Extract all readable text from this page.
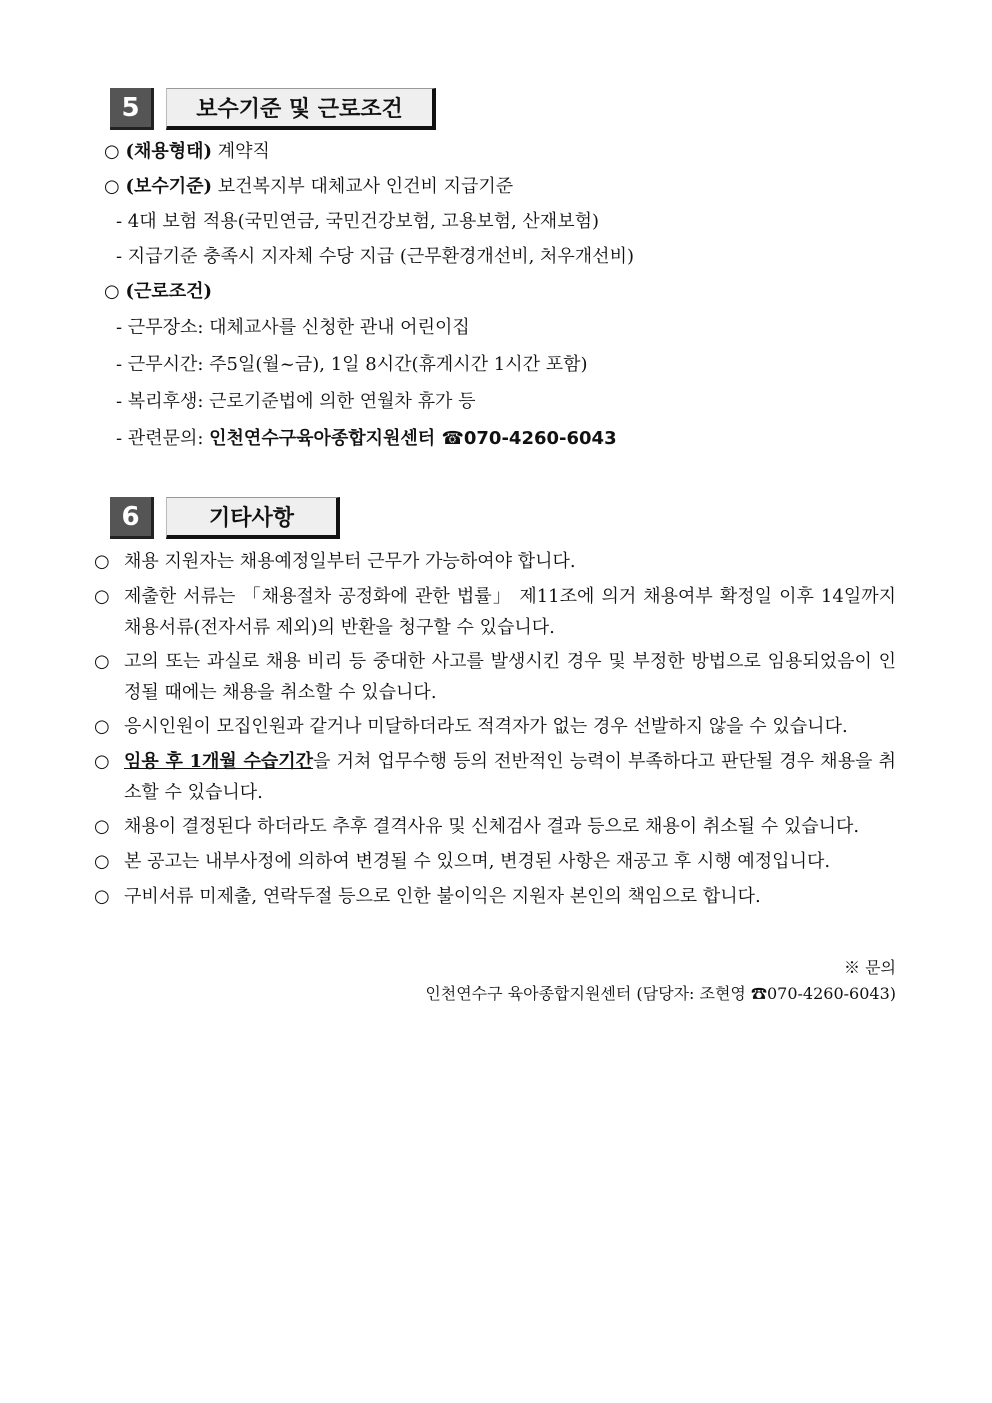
5	보수기준 및 근로조건
○ (채용형태) 계약직
○ (보수기준) 보건복지부 대체교사 인건비 지급기준
- 4대 보험 적용(국민연금, 국민건강보험, 고용보험, 산재보험)
- 지급기준 충족시 지자체 수당 지급 (근무환경개선비, 처우개선비)
○ (근로조건)
- 근무장소: 대체교사를 신청한 관내 어린이집
- 근무시간: 주5일(월~금), 1일 8시간(휴게시간 1시간 포함)
- 복리후생: 근로기준법에 의한 연월차 휴가 등
- 관련문의: 인천연수구육아종합지원센터 ☎070-4260-6043
6	기타사항
○ 채용 지원자는 채용예정일부터 근무가 가능하여야 합니다.
○ 제출한 서류는 「채용절차 공정화에 관한 법률」 제11조에 의거 채용여부 확정일 이후 14일까지 채용서류(전자서류 제외)의 반환을 청구할 수 있습니다.
○ 고의 또는 과실로 채용 비리 등 중대한 사고를 발생시킨 경우 및 부정한 방법으로 임용되었음이 인정될 때에는 채용을 취소할 수 있습니다.
○ 응시인원이 모집인원과 같거나 미달하더라도 적격자가 없는 경우 선발하지 않을 수 있습니다.
○ 임용 후 1개월 수습기간을 거쳐 업무수행 등의 전반적인 능력이 부족하다고 판단될 경우 채용을 취소할 수 있습니다.
○ 채용이 결정된다 하더라도 추후 결격사유 및 신체검사 결과 등으로 채용이 취소될 수 있습니다.
○ 본 공고는 내부사정에 의하여 변경될 수 있으며, 변경된 사항은 재공고 후 시행 예정입니다.
○ 구비서류 미제출, 연락두절 등으로 인한 불이익은 지원자 본인의 책임으로 합니다.
※ 문의
인천연수구 육아종합지원센터 (담당자: 조현영 ☎070-4260-6043)
